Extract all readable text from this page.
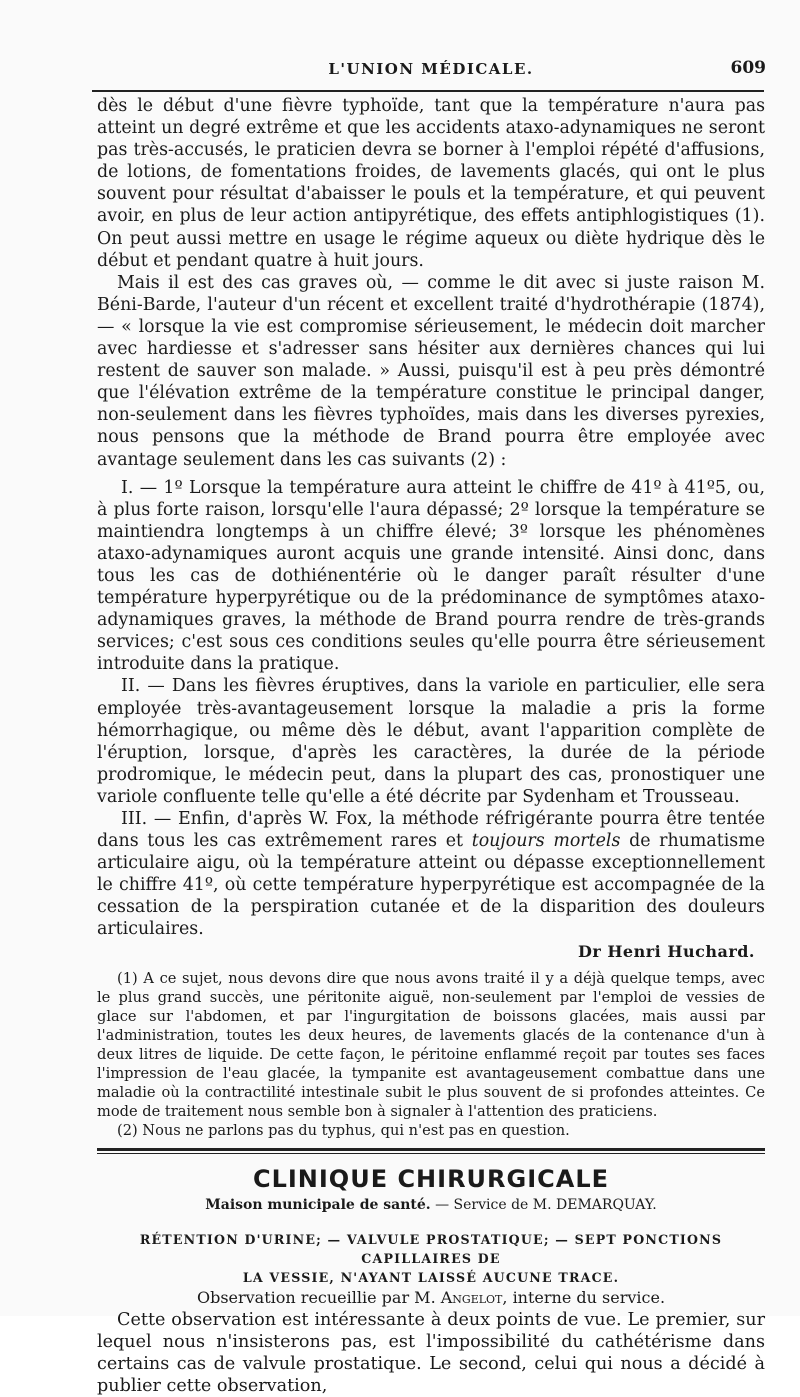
L'UNION MÉDICALE.	609

dès le début d'une fièvre typhoïde, tant que la température n'aura pas atteint un degré extrême et que les accidents ataxo-adynamiques ne seront pas très-accusés, le praticien devra se borner à l'emploi répété d'affusions, de lotions, de fomentations froides, de lavements glacés, qui ont le plus souvent pour résultat d'abaisser le pouls et la température, et qui peuvent avoir, en plus de leur action antipyrétique, des effets antiphlogistiques (1). On peut aussi mettre en usage le régime aqueux ou diète hydrique dès le début et pendant quatre à huit jours.

Mais il est des cas graves où, — comme le dit avec si juste raison M. Béni-Barde, l'auteur d'un récent et excellent traité d'hydrothérapie (1874), — « lorsque la vie est compromise sérieusement, le médecin doit marcher avec hardiesse et s'adresser sans hésiter aux dernières chances qui lui restent de sauver son malade. » Aussi, puisqu'il est à peu près démontré que l'élévation extrême de la température constitue le principal danger, non-seulement dans les fièvres typhoïdes, mais dans les diverses pyrexies, nous pensons que la méthode de Brand pourra être employée avec avantage seulement dans les cas suivants (2) :

I. — 1º Lorsque la température aura atteint le chiffre de 41º à 41º5, ou, à plus forte raison, lorsqu'elle l'aura dépassé; 2º lorsque la température se maintiendra longtemps à un chiffre élevé; 3º lorsque les phénomènes ataxo-adynamiques auront acquis une grande intensité. Ainsi donc, dans tous les cas de dothiénentérie où le danger paraît résulter d'une température hyperpyrétique ou de la prédominance de symptômes ataxo-adynamiques graves, la méthode de Brand pourra rendre de très-grands services; c'est sous ces conditions seules qu'elle pourra être sérieusement introduite dans la pratique.

II. — Dans les fièvres éruptives, dans la variole en particulier, elle sera employée très-avantageusement lorsque la maladie a pris la forme hémorrhagique, ou même dès le début, avant l'apparition complète de l'éruption, lorsque, d'après les caractères, la durée de la période prodromique, le médecin peut, dans la plupart des cas, pronostiquer une variole confluente telle qu'elle a été décrite par Sydenham et Trousseau.

III. — Enfin, d'après W. Fox, la méthode réfrigérante pourra être tentée dans tous les cas extrêmement rares et toujours mortels de rhumatisme articulaire aigu, où la température atteint ou dépasse exceptionnellement le chiffre 41º, où cette température hyperpyrétique est accompagnée de la cessation de la perspiration cutanée et de la disparition des douleurs articulaires.

Dr Henri Huchard.

(1) A ce sujet, nous devons dire que nous avons traité il y a déjà quelque temps, avec le plus grand succès, une péritonite aiguë, non-seulement par l'emploi de vessies de glace sur l'abdomen, et par l'ingurgitation de boissons glacées, mais aussi par l'administration, toutes les deux heures, de lavements glacés de la contenance d'un à deux litres de liquide. De cette façon, le péritoine enflammé reçoit par toutes ses faces l'impression de l'eau glacée, la tympanite est avantageusement combattue dans une maladie où la contractilité intestinale subit le plus souvent de si profondes atteintes. Ce mode de traitement nous semble bon à signaler à l'attention des praticiens.

(2) Nous ne parlons pas du typhus, qui n'est pas en question.

CLINIQUE CHIRURGICALE
Maison municipale de santé. — Service de M. DEMARQUAY.

RÉTENTION D'URINE; — VALVULE PROSTATIQUE; — SEPT PONCTIONS CAPILLAIRES DE

LA VESSIE, N'AYANT LAISSÉ AUCUNE TRACE.

Observation recueillie par M. Angelot, interne du service.

Cette observation est intéressante à deux points de vue. Le premier, sur lequel nous n'insisterons pas, est l'impossibilité du cathétérisme dans certains cas de valvule prostatique. Le second, celui qui nous a décidé à publier cette observation,
